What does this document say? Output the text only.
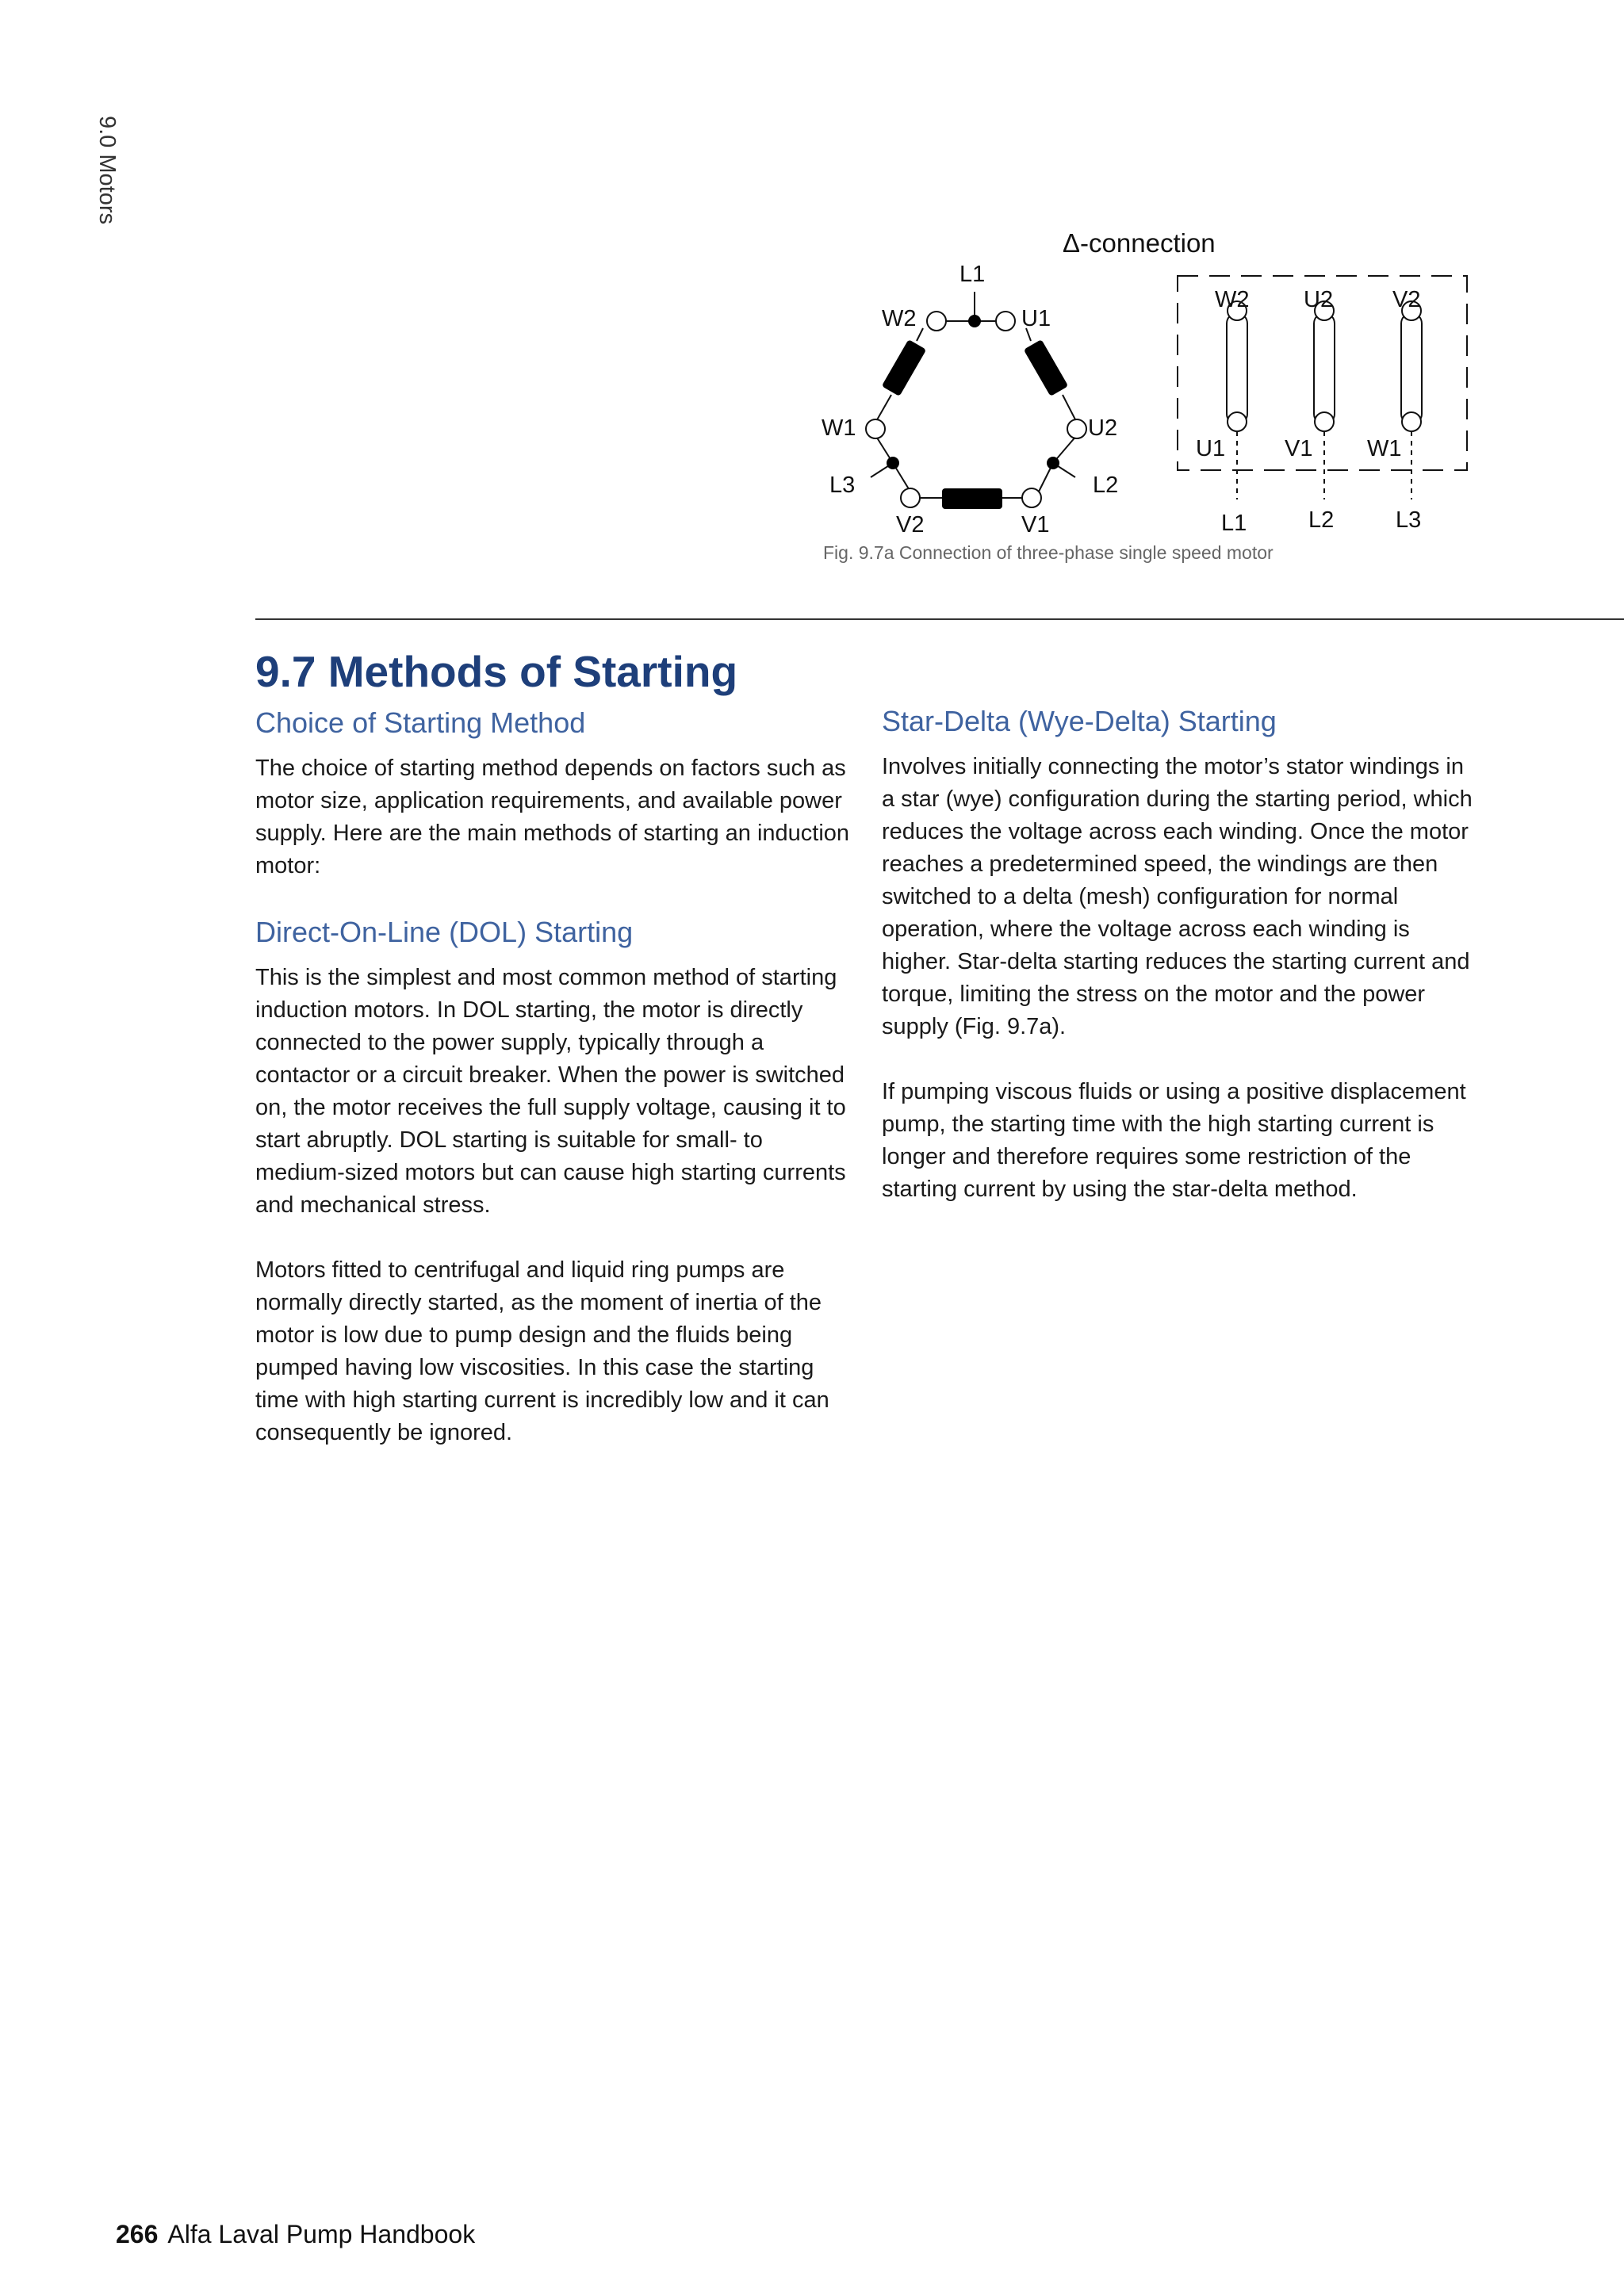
9.0 Motors
Δ-connection
L1
W2	U1
W1	U2
L3	L2
V2	V1
W2 U2	V2
U1	V1 W1
L1	L2	L3
Fig. 9.7a Connection of three-phase single speed motor
9.7 Methods of Starting
Choice of Starting Method

The choice of starting method depends on factors such as motor size, application requirements, and available power supply. Here are the main methods of starting an induction motor:

Direct-On-Line (DOL) Starting

This is the simplest and most common method of starting induction motors. In DOL starting, the motor is directly connected to the power supply, typically through a contactor or a circuit breaker. When the power is switched on, the motor receives the full supply voltage, causing it to start abruptly. DOL starting is suitable for small- to medium-sized motors but can cause high starting currents and mechanical stress.

Motors fitted to centrifugal and liquid ring pumps are normally directly started, as the moment of inertia of the motor is low due to pump design and the fluids being pumped having low viscosities. In this case the starting time with high starting current is incredibly low and it can consequently be ignored.

Star-Delta (Wye-Delta) Starting

Involves initially connecting the motor’s stator windings in a star (wye) configuration during the starting period, which reduces the voltage across each winding. Once the motor reaches a predetermined speed, the windings are then switched to a delta (mesh) configuration for normal operation, where the voltage across each winding is higher. Star-delta starting reduces the starting current and torque, limiting the stress on the motor and the power supply (Fig. 9.7a).

If pumping viscous fluids or using a positive displacement pump, the starting time with the high starting current is longer and therefore requires some restriction of the starting current by using the star-delta method.

266 Alfa Laval Pump Handbook
